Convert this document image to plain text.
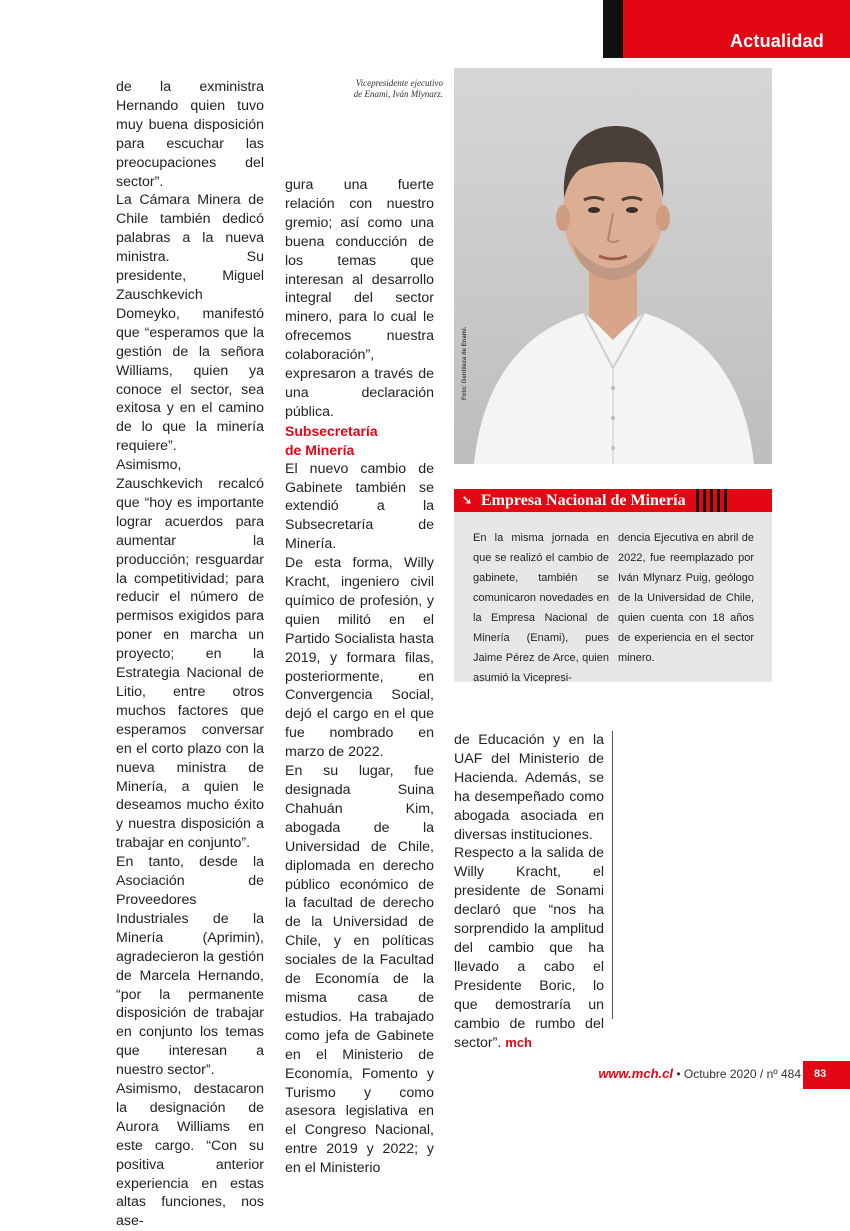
Actualidad

de la exministra Hernando quien tuvo muy buena disposición para escuchar las preocupaciones del sector”.

La Cámara Minera de Chile también dedicó palabras a la nueva ministra. Su presidente, Miguel Zauschkevich Domeyko, manifestó que “esperamos que la gestión de la señora Williams, quien ya conoce el sector, sea exitosa y en el camino de lo que la minería requiere”.

Asimismo, Zauschkevich recalcó que “hoy es importante lograr acuerdos para aumentar la producción; resguardar la competitividad; para reducir el número de permisos exigidos para poner en marcha un proyecto; en la Estrategia Nacional de Litio, entre otros muchos factores que esperamos conversar en el corto plazo con la nueva ministra de Minería, a quien le deseamos mucho éxito y nuestra disposición a trabajar en conjunto”.

En tanto, desde la Asociación de Proveedores Industriales de la Minería (Aprimin), agradecieron la gestión de Marcela Hernando, “por la permanente disposición de trabajar en conjunto los temas que interesan a nuestro sector”.

Asimismo, destacaron la designación de Aurora Williams en este cargo. “Con su positiva anterior experiencia en estas altas funciones, nos ase-

Vicepresidente ejecutivo de Enami, Iván Mlynarz.

gura una fuerte relación con nuestro gremio; así como una buena conducción de los temas que interesan al desarrollo integral del sector minero, para lo cual le ofrecemos nuestra colaboración”, expresaron a través de una declaración pública.

Subsecretaría
de Minería

El nuevo cambio de Gabinete también se extendió a la Subsecretaría de Minería.

De esta forma, Willy Kracht, ingeniero civil químico de profesión, y quien militó en el Partido Socialista hasta 2019, y formara filas, posteriormente, en Convergencia Social, dejó el cargo en el que fue nombrado en marzo de 2022.

En su lugar, fue designada Suina Chahuán Kim, abogada de la Universidad de Chile, diplomada en derecho público económico de la facultad de derecho de la Universidad de Chile, y en políticas sociales de la Facultad de Economía de la misma casa de estudios. Ha trabajado como jefa de Gabinete en el Ministerio de Economía, Fomento y Turismo y como asesora legislativa en el Congreso Nacional, entre 2019 y 2022; y en el Ministerio

Foto: Gentileza de Enami.
➘ Empresa Nacional de Minería
En la misma jornada en que se realizó el cambio de gabinete, también se comunicaron novedades en la Empresa Nacional de Minería (Enami), pues Jaime Pérez de Arce, quien asumió la Vicepresi-
dencia Ejecutiva en abril de 2022, fue reemplazado por Iván Mlynarz Puig, geólogo de la Universidad de Chile, quien cuenta con 18 años de experiencia en el sector minero.

de Educación y en la UAF del Ministerio de Hacienda. Además, se ha desempeñado como abogada asociada en diversas instituciones.

Respecto a la salida de Willy Kracht, el presidente de Sonami declaró que “nos ha sorprendido la amplitud del cambio que ha llevado a cabo el Presidente Boric, lo que demostraría un cambio de rumbo del sector”. mch

www.mch.cl • Octubre 2020 / nº 484 83
